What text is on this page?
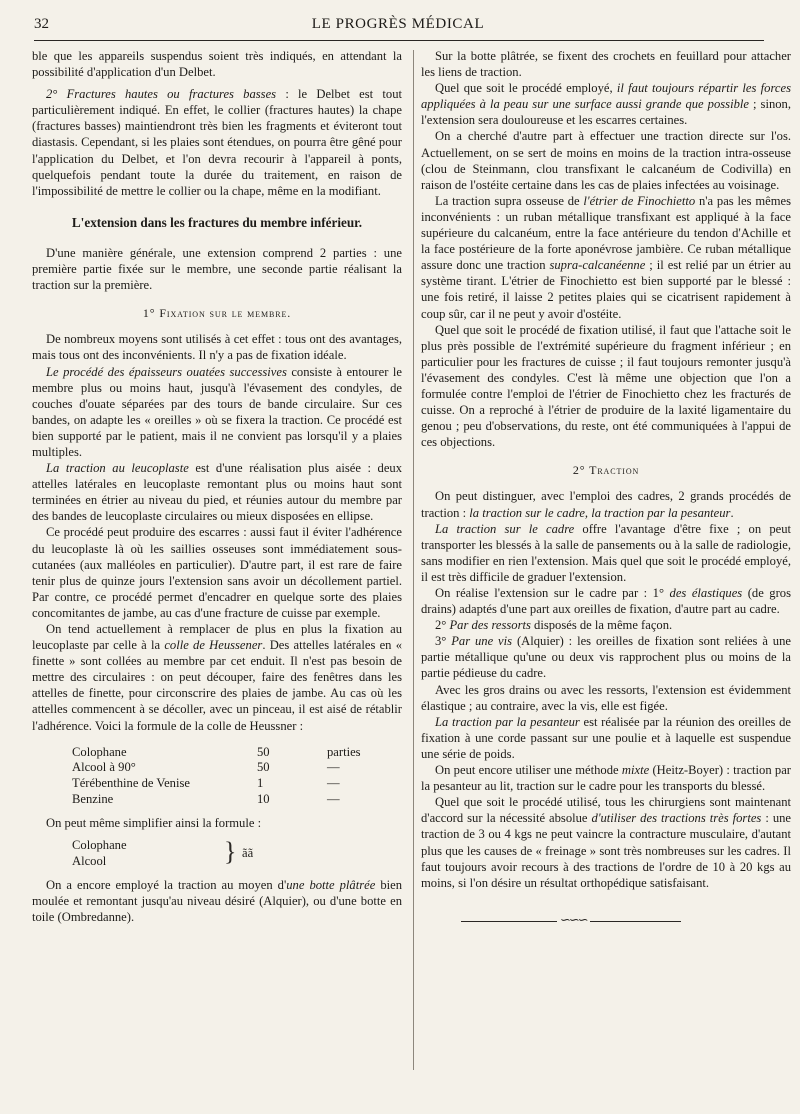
32	LE PROGRÈS MÉDICAL

ble que les appareils suspendus soient très indiqués, en attendant la possibilité d'application d'un Delbet.

2° Fractures hautes ou fractures basses : le Delbet est tout particulièrement indiqué. En effet, le collier (fractures hautes) la chape (fractures basses) maintiendront très bien les fragments et éviteront tout diastasis. Cependant, si les plaies sont étendues, on pourra être gêné pour l'application du Delbet, et l'on devra recourir à l'appareil à ponts, quelquefois pendant toute la durée du traitement, en raison de l'impossibilité de mettre le collier ou la chape, même en la modifiant.

L'extension dans les fractures du membre inférieur.

D'une manière générale, une extension comprend 2 parties : une première partie fixée sur le membre, une seconde partie réalisant la traction sur la première.

1° Fixation sur le membre.

De nombreux moyens sont utilisés à cet effet : tous ont des avantages, mais tous ont des inconvénients. Il n'y a pas de fixation idéale.

Le procédé des épaisseurs ouatées successives consiste à entourer le membre plus ou moins haut, jusqu'à l'évasement des condyles, de couches d'ouate séparées par des tours de bande circulaire. Sur ces bandes, on adapte les « oreilles » où se fixera la traction. Ce procédé est bien supporté par le patient, mais il ne convient pas lorsqu'il y a plaies multiples.

La traction au leucoplaste est d'une réalisation plus aisée : deux attelles latérales en leucoplaste remontant plus ou moins haut sont terminées en étrier au niveau du pied, et réunies autour du membre par des bandes de leucoplaste circulaires ou mieux disposées en ellipse.

Ce procédé peut produire des escarres : aussi faut il éviter l'adhérence du leucoplaste là où les saillies osseuses sont immédiatement sous-cutanées (aux malléoles en particulier). D'autre part, il est rare de faire tenir plus de quinze jours l'extension sans avoir un décollement partiel. Par contre, ce procédé permet d'encadrer en quelque sorte des plaies concomitantes de jambe, au cas d'une fracture de cuisse par exemple.

On tend actuellement à remplacer de plus en plus la fixation au leucoplaste par celle à la colle de Heussener. Des attelles latérales en « finette » sont collées au membre par cet enduit. Il n'est pas besoin de mettre des circulaires : on peut découper, faire des fenêtres dans les attelles de finette, pour circonscrire des plaies de jambe. Au cas où les attelles commencent à se décoller, avec un pinceau, il est aisé de rétablir l'adhérence. Voici la formule de la colle de Heussner :

Colophane	50	parties
Alcool à 90°	50	—
Térébenthine de Venise	1	—
Benzine	10	—

On peut même simplifier ainsi la formule :

Colophane
Alcool	} ãã

On a encore employé la traction au moyen d'une botte plâtrée bien moulée et remontant jusqu'au niveau désiré (Alquier), ou d'une botte en toile (Ombredanne).

Sur la botte plâtrée, se fixent des crochets en feuillard pour attacher les liens de traction.

Quel que soit le procédé employé, il faut toujours répartir les forces appliquées à la peau sur une surface aussi grande que possible ; sinon, l'extension sera douloureuse et les escarres certaines.

On a cherché d'autre part à effectuer une traction directe sur l'os. Actuellement, on se sert de moins en moins de la traction intra-osseuse (clou de Steinmann, clou transfixant le calcanéum de Codivilla) en raison de l'ostéite certaine dans les cas de plaies infectées au voisinage.

La traction supra osseuse de l'étrier de Finochietto n'a pas les mêmes inconvénients : un ruban métallique transfixant est appliqué à la face supérieure du calcanéum, entre la face antérieure du tendon d'Achille et la face postérieure de la forte aponévrose jambière. Ce ruban métallique assure donc une traction supra-calcanéenne ; il est relié par un étrier au système tirant. L'étrier de Finochietto est bien supporté par le blessé : une fois retiré, il laisse 2 petites plaies qui se cicatrisent rapidement à coup sûr, car il ne peut y avoir d'ostéite.

Quel que soit le procédé de fixation utilisé, il faut que l'attache soit le plus près possible de l'extrémité supérieure du fragment inférieur ; en particulier pour les fractures de cuisse ; il faut toujours remonter jusqu'à l'évasement des condyles. C'est là même une objection que l'on a formulée contre l'emploi de l'étrier de Finochietto chez les fracturés de cuisse. On a reproché à l'étrier de produire de la laxité ligamentaire du genou ; peu d'observations, du reste, ont été communiquées à l'appui de ces objections.

2° Traction

On peut distinguer, avec l'emploi des cadres, 2 grands procédés de traction : la traction sur le cadre, la traction par la pesanteur.

La traction sur le cadre offre l'avantage d'être fixe ; on peut transporter les blessés à la salle de pansements ou à la salle de radiologie, sans modifier en rien l'extension. Mais quel que soit le procédé employé, il est très difficile de graduer l'extension.

On réalise l'extension sur le cadre par : 1° des élastiques (de gros drains) adaptés d'une part aux oreilles de fixation, d'autre part au cadre.

2° Par des ressorts disposés de la même façon.

3° Par une vis (Alquier) : les oreilles de fixation sont reliées à une partie métallique qu'une ou deux vis rapprochent plus ou moins de la partie pédieuse du cadre.

Avec les gros drains ou avec les ressorts, l'extension est évidemment élastique ; au contraire, avec la vis, elle est figée.

La traction par la pesanteur est réalisée par la réunion des oreilles de fixation à une corde passant sur une poulie et à laquelle est suspendue une série de poids.

On peut encore utiliser une méthode mixte (Heitz-Boyer) : traction par la pesanteur au lit, traction sur le cadre pour les transports du blessé.

Quel que soit le procédé utilisé, tous les chirurgiens sont maintenant d'accord sur la nécessité absolue d'utiliser des tractions très fortes : une traction de 3 ou 4 kgs ne peut vaincre la contracture musculaire, d'autant plus que les causes de « freinage » sont très nombreuses sur les cadres. Il faut toujours avoir recours à des tractions de l'ordre de 10 à 20 kgs au moins, si l'on désire un résultat orthopédique satisfaisant.

∽∽∽
